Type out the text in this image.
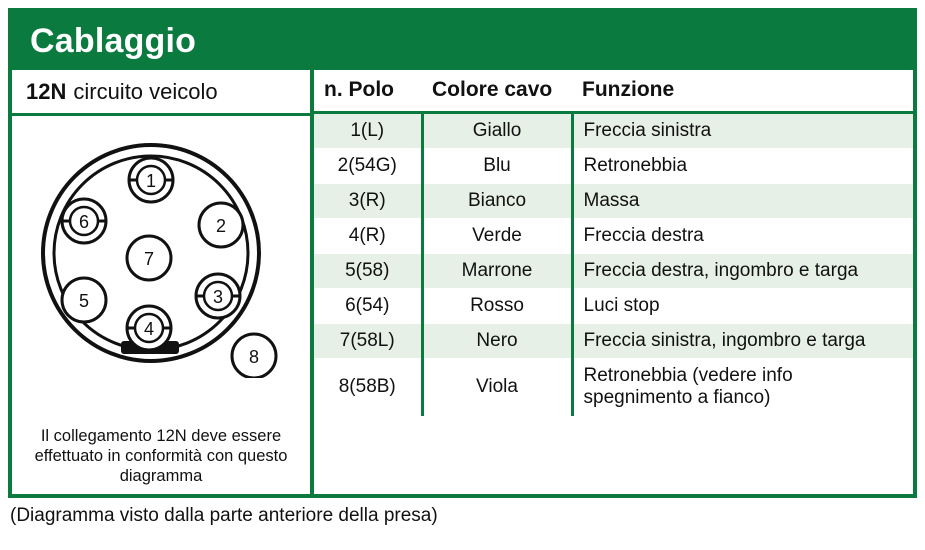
Cablaggio
12N circuito veicolo
1
6	2
7
5	3
4
8
Il collegamento 12N deve essere effettuato in conformità con questo diagramma
n. Polo	Colore cavo	Funzione
1(L)	Giallo	Freccia sinistra
2(54G)	Blu	Retronebbia
3(R)	Bianco	Massa
4(R)	Verde	Freccia destra
5(58)	Marrone	Freccia destra, ingombro e targa
6(54)	Rosso	Luci stop
7(58L)	Nero	Freccia sinistra, ingombro e targa
8(58B)	Viola	Retronebbia (vedere info spegnimento a fianco)
(Diagramma visto dalla parte anteriore della presa)
